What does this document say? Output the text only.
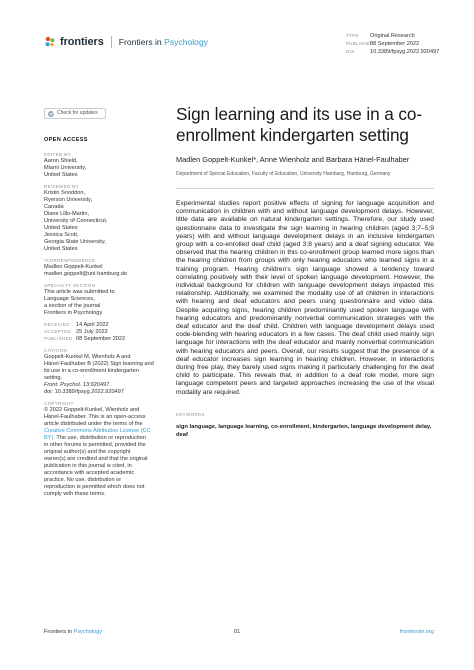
frontiers Frontiers in Psychology
TYPE Original Research
PUBLISHED08 September 2022
DOI	10.3389/fpsyg.2022.920497
Check for updates
OPEN ACCESS
EDITED BY
Aaron Shield,
Miami University,
United States
REVIEWED BY
Kristin Snoddon,
Ryerson University,
Canada
Diane Lillo-Martin,
University of Connecticut,
United States
Jessica Scott,
Georgia State University,
United States
*CORRESPONDENCE
Madlen Goppelt-Kunkel
madlen.goppelt@uni-hamburg.de
SPECIALTY SECTION
This article was submitted to
Language Sciences,
a section of the journal
Frontiers in Psychology
RECEIVED 14 April 2022
ACCEPTED 25 July 2022
PUBLISHED 08 September 2022
CITATION
Goppelt-Kunkel M, Wienholz A and
Hänel-Faulhaber B (2022) Sign learning and
its use in a co-enrollment kindergarten
setting.
Front. Psychol. 13:920497.
doi: 10.3389/fpsyg.2022.920497
COPYRIGHT
© 2022 Goppelt-Kunkel, Wienholz and
Hänel-Faulhaber. This is an open-access
article distributed under the terms of the
Creative Commons Attribution License (CC
BY). The use, distribution or reproduction
in other forums is permitted, provided the
original author(s) and the copyright
owner(s) are credited and that the original
publication in this journal is cited, in
accordance with accepted academic
practice. No use, distribution or
reproduction is permitted which does not
comply with these terms.
Sign learning and its use in a co-enrollment kindergarten setting
Madlen Goppelt-Kunkel*, Anne Wienholz and Barbara Hänel-Faulhaber
Department of Special Education, Faculty of Education, University Hamburg, Hamburg, Germany

Experimental studies report positive effects of signing for language acquisition and communication in children with and without language development delays. However, little data are available on natural kindergarten settings. Therefore, our study used questionnaire data to investigate the sign learning in hearing children (aged 3;7–5;9 years) with and without language development delays in an inclusive kindergarten group with a co-enrolled deaf child (aged 3;8 years) and a deaf signing educator. We observed that the hearing children in this co-enrollment group learned more signs than the hearing children from groups with only hearing educators who learned signs in a training program. Hearing children's sign language showed a tendency toward correlating positively with their level of spoken language development. However, the individual background for children with language development delays impacted this relationship. Additionally, we examined the modality use of all children in interactions with hearing and deaf educators and peers using questionnaire and video data. Despite acquiring signs, hearing children predominantly used spoken language with hearing educators and predominantly nonverbal communication strategies with the deaf educator and the deaf child. Children with language development delays used code-blending with hearing educators in a few cases. The deaf child used mainly sign language for interactions with the deaf educator and mainly nonverbal communication with hearing educators and peers. Overall, our results suggest that the presence of a deaf educator increases sign learning in hearing children. However, in interactions during free play, they barely used signs making it particularly challenging for the deaf child to participate. This reveals that, in addition to a deaf role model, more sign language competent peers and targeted approaches increasing the use of the visual modality are required.

KEYWORDS
sign language, language learning, co-enrollment, kindergarten, language development delay, deaf
Frontiers in Psychology	01	frontiersin.org
